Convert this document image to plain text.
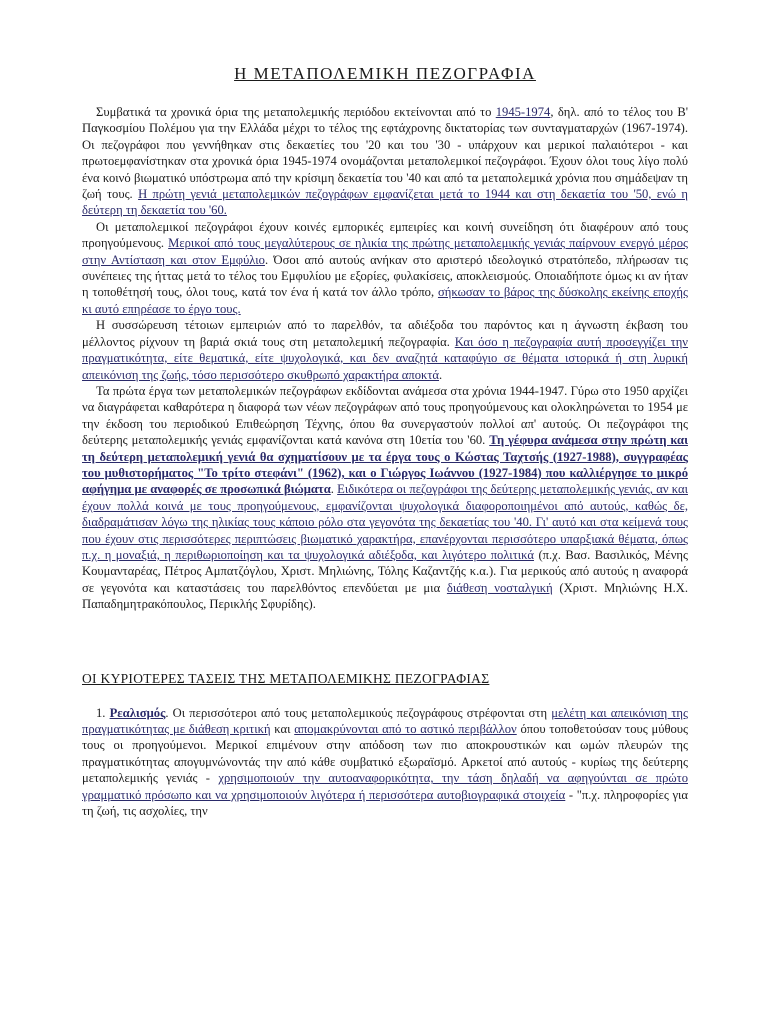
Η ΜΕΤΑΠΟΛΕΜΙΚΗ ΠΕΖΟΓΡΑΦΙΑ

Συμβατικά τα χρονικά όρια της μεταπολεμικής περιόδου εκτείνονται από το 1945-1974, δηλ. από το τέλος του Β' Παγκοσμίου Πολέμου για την Ελλάδα μέχρι το τέλος της εφτάχρονης δικτατορίας των συνταγματαρχών (1967-1974). Οι πεζογράφοι που γεννήθηκαν στις δεκαετίες του '20 και του '30 - υπάρχουν και μερικοί παλαιότεροι - και πρωτοεμφανίστηκαν στα χρονικά όρια 1945-1974 ονομάζονται μεταπολεμικοί πεζογράφοι. Έχουν όλοι τους λίγο πολύ ένα κοινό βιωματικό υπόστρωμα από την κρίσιμη δεκαετία του '40 και από τα μεταπολεμικά χρόνια που σημάδεψαν τη ζωή τους. Η πρώτη γενιά μεταπολεμικών πεζογράφων εμφανίζεται μετά το 1944 και στη δεκαετία του '50, ενώ η δεύτερη τη δεκαετία του '60.

Οι μεταπολεμικοί πεζογράφοι έχουν κοινές εμπορικές εμπειρίες και κοινή συνείδηση ότι διαφέρουν από τους προηγούμενους. Μερικοί από τους μεγαλύτερους σε ηλικία της πρώτης μεταπολεμικής γενιάς παίρνουν ενεργό μέρος στην Αντίσταση και στον Εμφύλιο. Όσοι από αυτούς ανήκαν στο αριστερό ιδεολογικό στρατόπεδο, πλήρωσαν τις συνέπειες της ήττας μετά το τέλος του Εμφυλίου με εξορίες, φυλακίσεις, αποκλεισμούς. Οποιαδήποτε όμως κι αν ήταν η τοποθέτησή τους, όλοι τους, κατά τον ένα ή κατά τον άλλο τρόπο, σήκωσαν το βάρος της δύσκολης εκείνης εποχής κι αυτό επηρέασε το έργο τους.

Η συσσώρευση τέτοιων εμπειριών από το παρελθόν, τα αδιέξοδα του παρόντος και η άγνωστη έκβαση του μέλλοντος ρίχνουν τη βαριά σκιά τους στη μεταπολεμική πεζογραφία. Και όσο η πεζογραφία αυτή προσεγγίζει την πραγματικότητα, είτε θεματικά, είτε ψυχολογικά, και δεν αναζητά καταφύγιο σε θέματα ιστορικά ή στη λυρική απεικόνιση της ζωής, τόσο περισσότερο σκυθρωπό χαρακτήρα αποκτά.

Τα πρώτα έργα των μεταπολεμικών πεζογράφων εκδίδονται ανάμεσα στα χρόνια 1944-1947. Γύρω στο 1950 αρχίζει να διαγράφεται καθαρότερα η διαφορά των νέων πεζογράφων από τους προηγούμενους και ολοκληρώνεται το 1954 με την έκδοση του περιοδικού Επιθεώρηση Τέχνης, όπου θα συνεργαστούν πολλοί απ' αυτούς. Οι πεζογράφοι της δεύτερης μεταπολεμικής γενιάς εμφανίζονται κατά κανόνα στη 10ετία του '60. Τη γέφυρα ανάμεσα στην πρώτη και τη δεύτερη μεταπολεμική γενιά θα σχηματίσουν με τα έργα τους ο Κώστας Ταχτσής (1927-1988), συγγραφέας του μυθιστορήματος "Το τρίτο στεφάνι" (1962), και ο Γιώργος Ιωάννου (1927-1984) που καλλιέργησε το μικρό αφήγημα με αναφορές σε προσωπικά βιώματα. Ειδικότερα οι πεζογράφοι της δεύτερης μεταπολεμικής γενιάς, αν και έχουν πολλά κοινά με τους προηγούμενους, εμφανίζονται ψυχολογικά διαφοροποιημένοι από αυτούς, καθώς δε, διαδραμάτισαν λόγω της ηλικίας τους κάποιο ρόλο στα γεγονότα της δεκαετίας του '40. Γι' αυτό και στα κείμενά τους που έχουν στις περισσότερες περιπτώσεις βιωματικό χαρακτήρα, επανέρχονται περισσότερο υπαρξιακά θέματα, όπως π.χ. η μοναξιά, η περιθωριοποίηση και τα ψυχολογικά αδιέξοδα, και λιγότερο πολιτικά (π.χ. Βασ. Βασιλικός, Μένης Κουμανταρέας, Πέτρος Αμπατζόγλου, Χριστ. Μηλιώνης, Τόλης Καζαντζής κ.α.). Για μερικούς από αυτούς η αναφορά σε γεγονότα και καταστάσεις του παρελθόντος επενδύεται με μια διάθεση νοσταλγική (Χριστ. Μηλιώνης Η.Χ. Παπαδημητρακόπουλος, Περικλής Σφυρίδης).

ΟΙ ΚΥΡΙΟΤΕΡΕΣ ΤΑΣΕΙΣ ΤΗΣ ΜΕΤΑΠΟΛΕΜΙΚΗΣ ΠΕΖΟΓΡΑΦΙΑΣ

1. Ρεαλισμός. Οι περισσότεροι από τους μεταπολεμικούς πεζογράφους στρέφονται στη μελέτη και απεικόνιση της πραγματικότητας με διάθεση κριτική και απομακρύνονται από το αστικό περιβάλλον όπου τοποθετούσαν τους μύθους τους οι προηγούμενοι. Μερικοί επιμένουν στην απόδοση των πιο αποκρουστικών και ωμών πλευρών της πραγματικότητας απογυμνώνοντάς την από κάθε συμβατικό εξωραϊσμό. Αρκετοί από αυτούς - κυρίως της δεύτερης μεταπολεμικής γενιάς - χρησιμοποιούν την αυτοαναφορικότητα, την τάση δηλαδή να αφηγούνται σε πρώτο γραμματικό πρόσωπο και να χρησιμοποιούν λιγότερα ή περισσότερα αυτοβιογραφικά στοιχεία - "π.χ. πληροφορίες για τη ζωή, τις ασχολίες, την
